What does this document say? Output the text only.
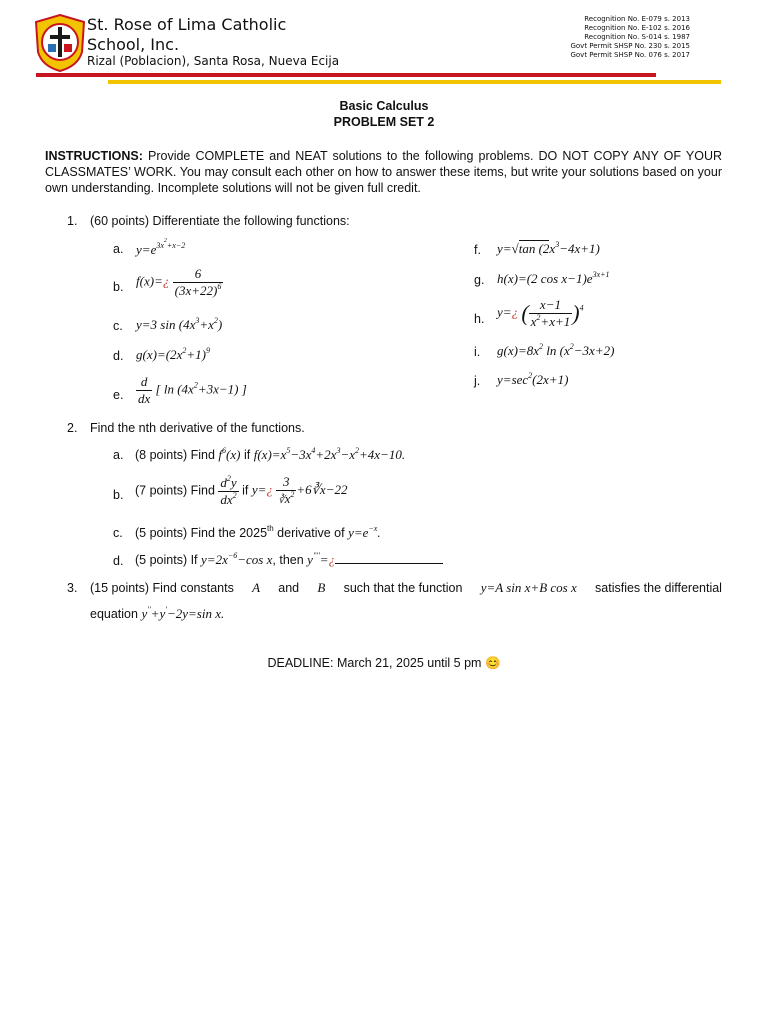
St. Rose of Lima Catholic
School, Inc.
Rizal (Poblacion), Santa Rosa, Nueva Ecija
Recognition No. E-079 s. 2013
Recognition No. E-102 s. 2016
Recognition No. S-014 s. 1987
Govt Permit SHSP No. 230 s. 2015
Govt Permit SHSP No. 076 s. 2017
Basic Calculus
PROBLEM SET 2
INSTRUCTIONS: Provide COMPLETE and NEAT solutions to the following problems. DO NOT COPY ANY OF YOUR CLASSMATES’ WORK. You may consult each other on how to answer these items, but write your solutions based on your own understanding. Incomplete solutions will not be given full credit.
1. (60 points) Differentiate the following functions:
a. $y=e^{3x^2+x-2}$
b. f(x)=¿ $\frac{6}{(3x+22)^6}$
c. y=3 $\sin (4x^3+x^2)$
d. $g(x)=(2x^2+1)^9$
e. $\frac{d}{dx}$ [ $\ln (4x^2+3x-1)$ ]
f. y=√tan $(2x^3-4x+1)$
g. h(x)=(2 $\cos x-1)e^{3x+1}$
h. y=¿ ( $\frac{x-1}{x^2+x+1} )^4$
i. $g(x)=8x^2$ $\ln (x^2-3x+2)$
j. $y=\sec^2(2x+1)$
2. Find the nth derivative of the functions.
a. (8 points) Find $f^6(x)$ if $f(x)=x^5-3x^4+2x^3-x^2+4x-10$.
b. (7 points) Find $\frac{d^2y}{dx^2}$ if y=¿ $\frac{3}{∛x^2}$ +6∛x−22
c. (5 points) Find the 2025th derivative of $y=e^{-x}$.
d. (5 points) If $y=2x^{-6}-\cos$ x, then y''''=¿
3. (15 points) Find constants A and B such that the function y=A sin x+B cos x satisfies the differential
equation y''+y'−2y=sin x.
DEADLINE: March 21, 2025 until 5 pm 😊
